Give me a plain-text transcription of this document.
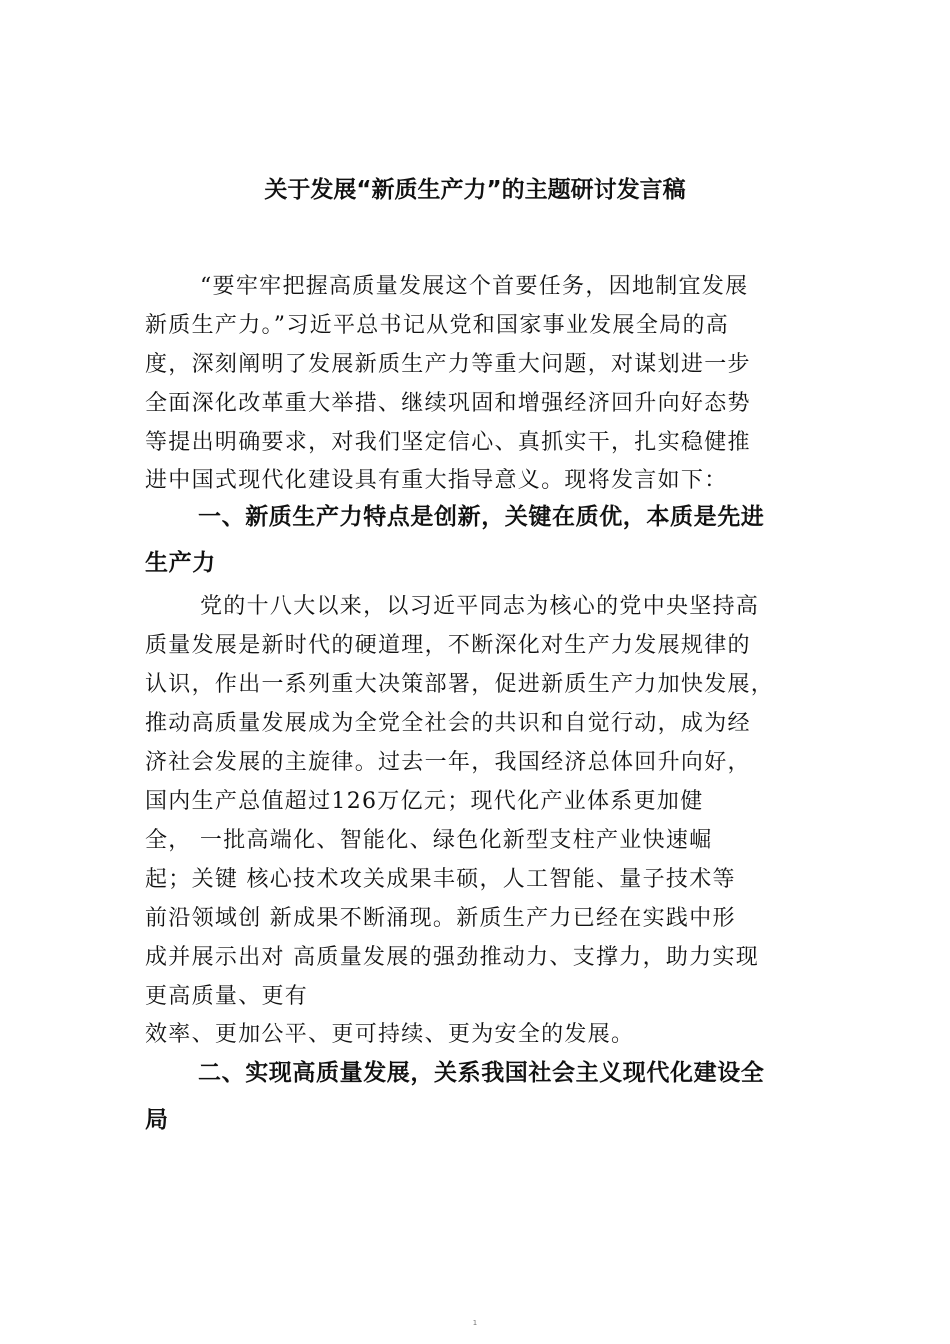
关于发展“新质生产力”的主题研讨发言稿
“要牢牢把握高质量发展这个首要任务，因地制宜发展
新质生产力。”习近平总书记从党和国家事业发展全局的高
度，深刻阐明了发展新质生产力等重大问题，对谋划进一步
全面深化改革重大举措、继续巩固和增强经济回升向好态势
等提出明确要求，对我们坚定信心、真抓实干，扎实稳健推
进中国式现代化建设具有重大指导意义。现将发言如下：
一、新质生产力特点是创新，关键在质优，本质是先进
生产力
党的十八大以来，以习近平同志为核心的党中央坚持高
质量发展是新时代的硬道理，不断深化对生产力发展规律的
认识，作出一系列重大决策部署，促进新质生产力加快发展，
推动高质量发展成为全党全社会的共识和自觉行动，成为经
济社会发展的主旋律。过去一年，我国经济总体回升向好，
国内生产总值超过126万亿元；现代化产业体系更加健
全， 一批高端化、智能化、绿色化新型支柱产业快速崛
起；关键 核心技术攻关成果丰硕，人工智能、量子技术等
前沿领域创 新成果不断涌现。新质生产力已经在实践中形
成并展示出对 高质量发展的强劲推动力、支撑力，助力实现
更高质量、更有
效率、更加公平、更可持续、更为安全的发展。
二、实现高质量发展，关系我国社会主义现代化建设全
局
1
